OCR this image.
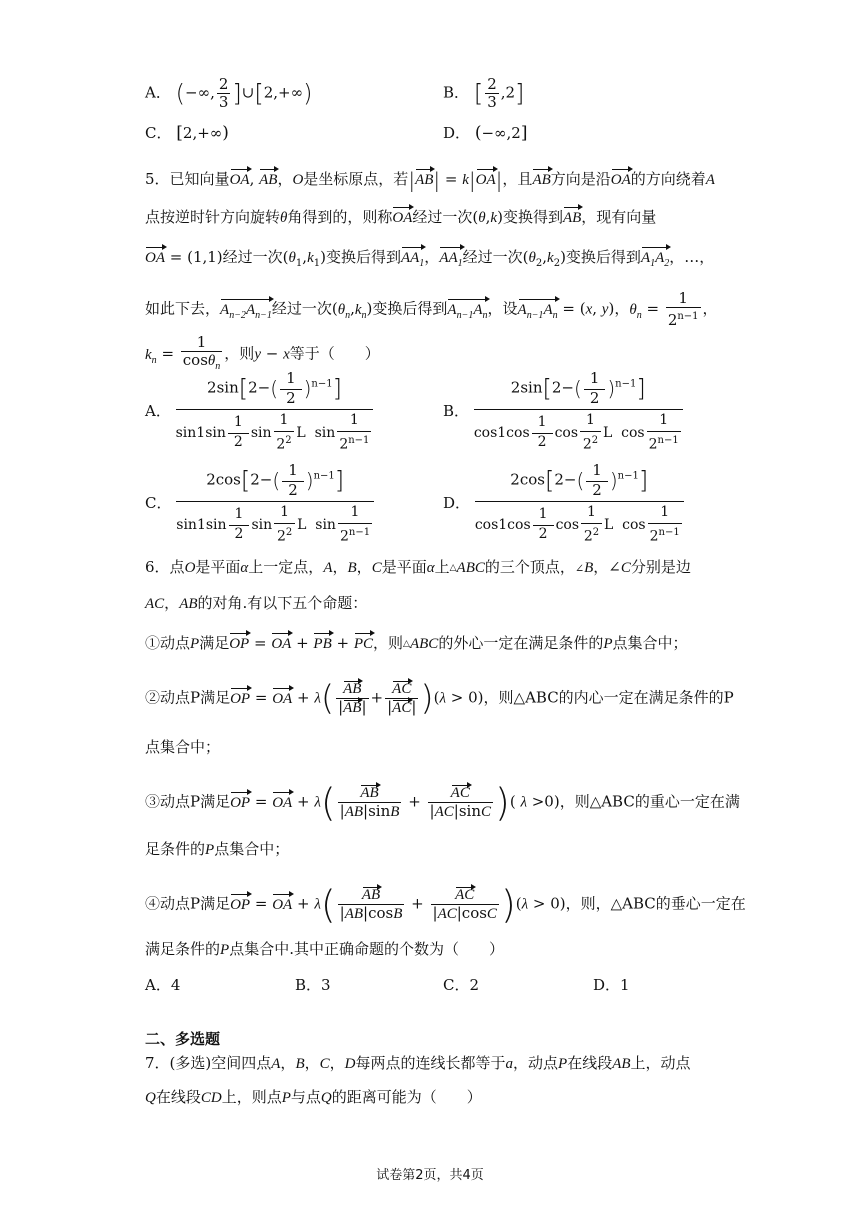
A． (−∞, $\frac{2}{3}$ ]∪[2,+∞)	B． [ $\frac{2}{3} ,2$]
C． [2,+∞)	D． (−∞,2]
5．已知向量OA, AB，O是坐标原点，若|AB| = k|OA|，且AB方向是沿OA的方向绕着A
点按逆时针方向旋转θ角得到的，则称OA经过一次(θ,k)变换得到AB，现有向量
OA = (1,1)经过一次$(\theta_1,k_1)$变换后得到$AA_1$，$AA_1$经过一次$(\theta_2,k_2)$变换后得到$A_1A_2$，…，
如此下去，$A_{n-2}A_{n-1}$经过一次$(\theta_n,k_n)$变换后得到$A_{n-1}A_n$，设$A_{n-1}A_n = (x$, y)，$\theta_n = \frac{1}{2^{n-1}}$ ，
$k_n = \frac{1}{\cos\theta_n}$ ，则y − x等于（　　）
A． $\frac{2\sin[2-( \frac{1}{2} )^{n-1}]}{\sin 1\sin \frac{1}{2} \sin \frac{1}{2^2} L \sin \frac{1}{2^{n-1}}}$	B． $\frac{2\sin[2-( \frac{1}{2} )^{n-1}]}{\cos 1\cos \frac{1}{2} \cos \frac{1}{2^2} L \cos \frac{1}{2^{n-1}}}$
C． $\frac{2\cos[2-( \frac{1}{2} )^{n-1}]}{\sin 1\sin \frac{1}{2} \sin \frac{1}{2^2} L \sin \frac{1}{2^{n-1}}}$	D． $\frac{2\cos[2-( \frac{1}{2} )^{n-1}]}{\cos 1\cos \frac{1}{2} \cos \frac{1}{2^2} L \cos \frac{1}{2^{n-1}}}$
6．点O是平面α上一定点，A，B，C是平面α上△ABC的三个顶点，∠B，∠C分别是边
AC，AB的对角.有以下五个命题：
①动点P满足OP = OA + PB + PC，则△ABC的外心一定在满足条件的P点集合中；
②动点P满足OP = OA + $\lambda( \frac{AB}{|AB|} + \frac{AC}{|AC|} )(\lambda > 0)$，则△ABC的内心一定在满足条件的P
点集合中；
③动点P满足OP = OA + $\lambda( \frac{AB}{|AB|\sin B} + \frac{AC}{|AC|\sin C}$ )( λ >0)，则△ABC的重心一定在满
足条件的P点集合中；
④动点P满足OP = OA + $\lambda( \frac{AB}{|AB|\cos B} + \frac{AC}{|AC|\cos C} )(\lambda > 0)$，则，△ABC的垂心一定在
满足条件的P点集合中.其中正确命题的个数为（　　）
A．4	B．3	C．2	D．1
二、多选题
7．(多选)空间四点A，B，C，D每两点的连线长都等于a，动点P在线段AB上，动点
Q在线段CD上，则点P与点Q的距离可能为（　　）
试卷第2页，共4页
